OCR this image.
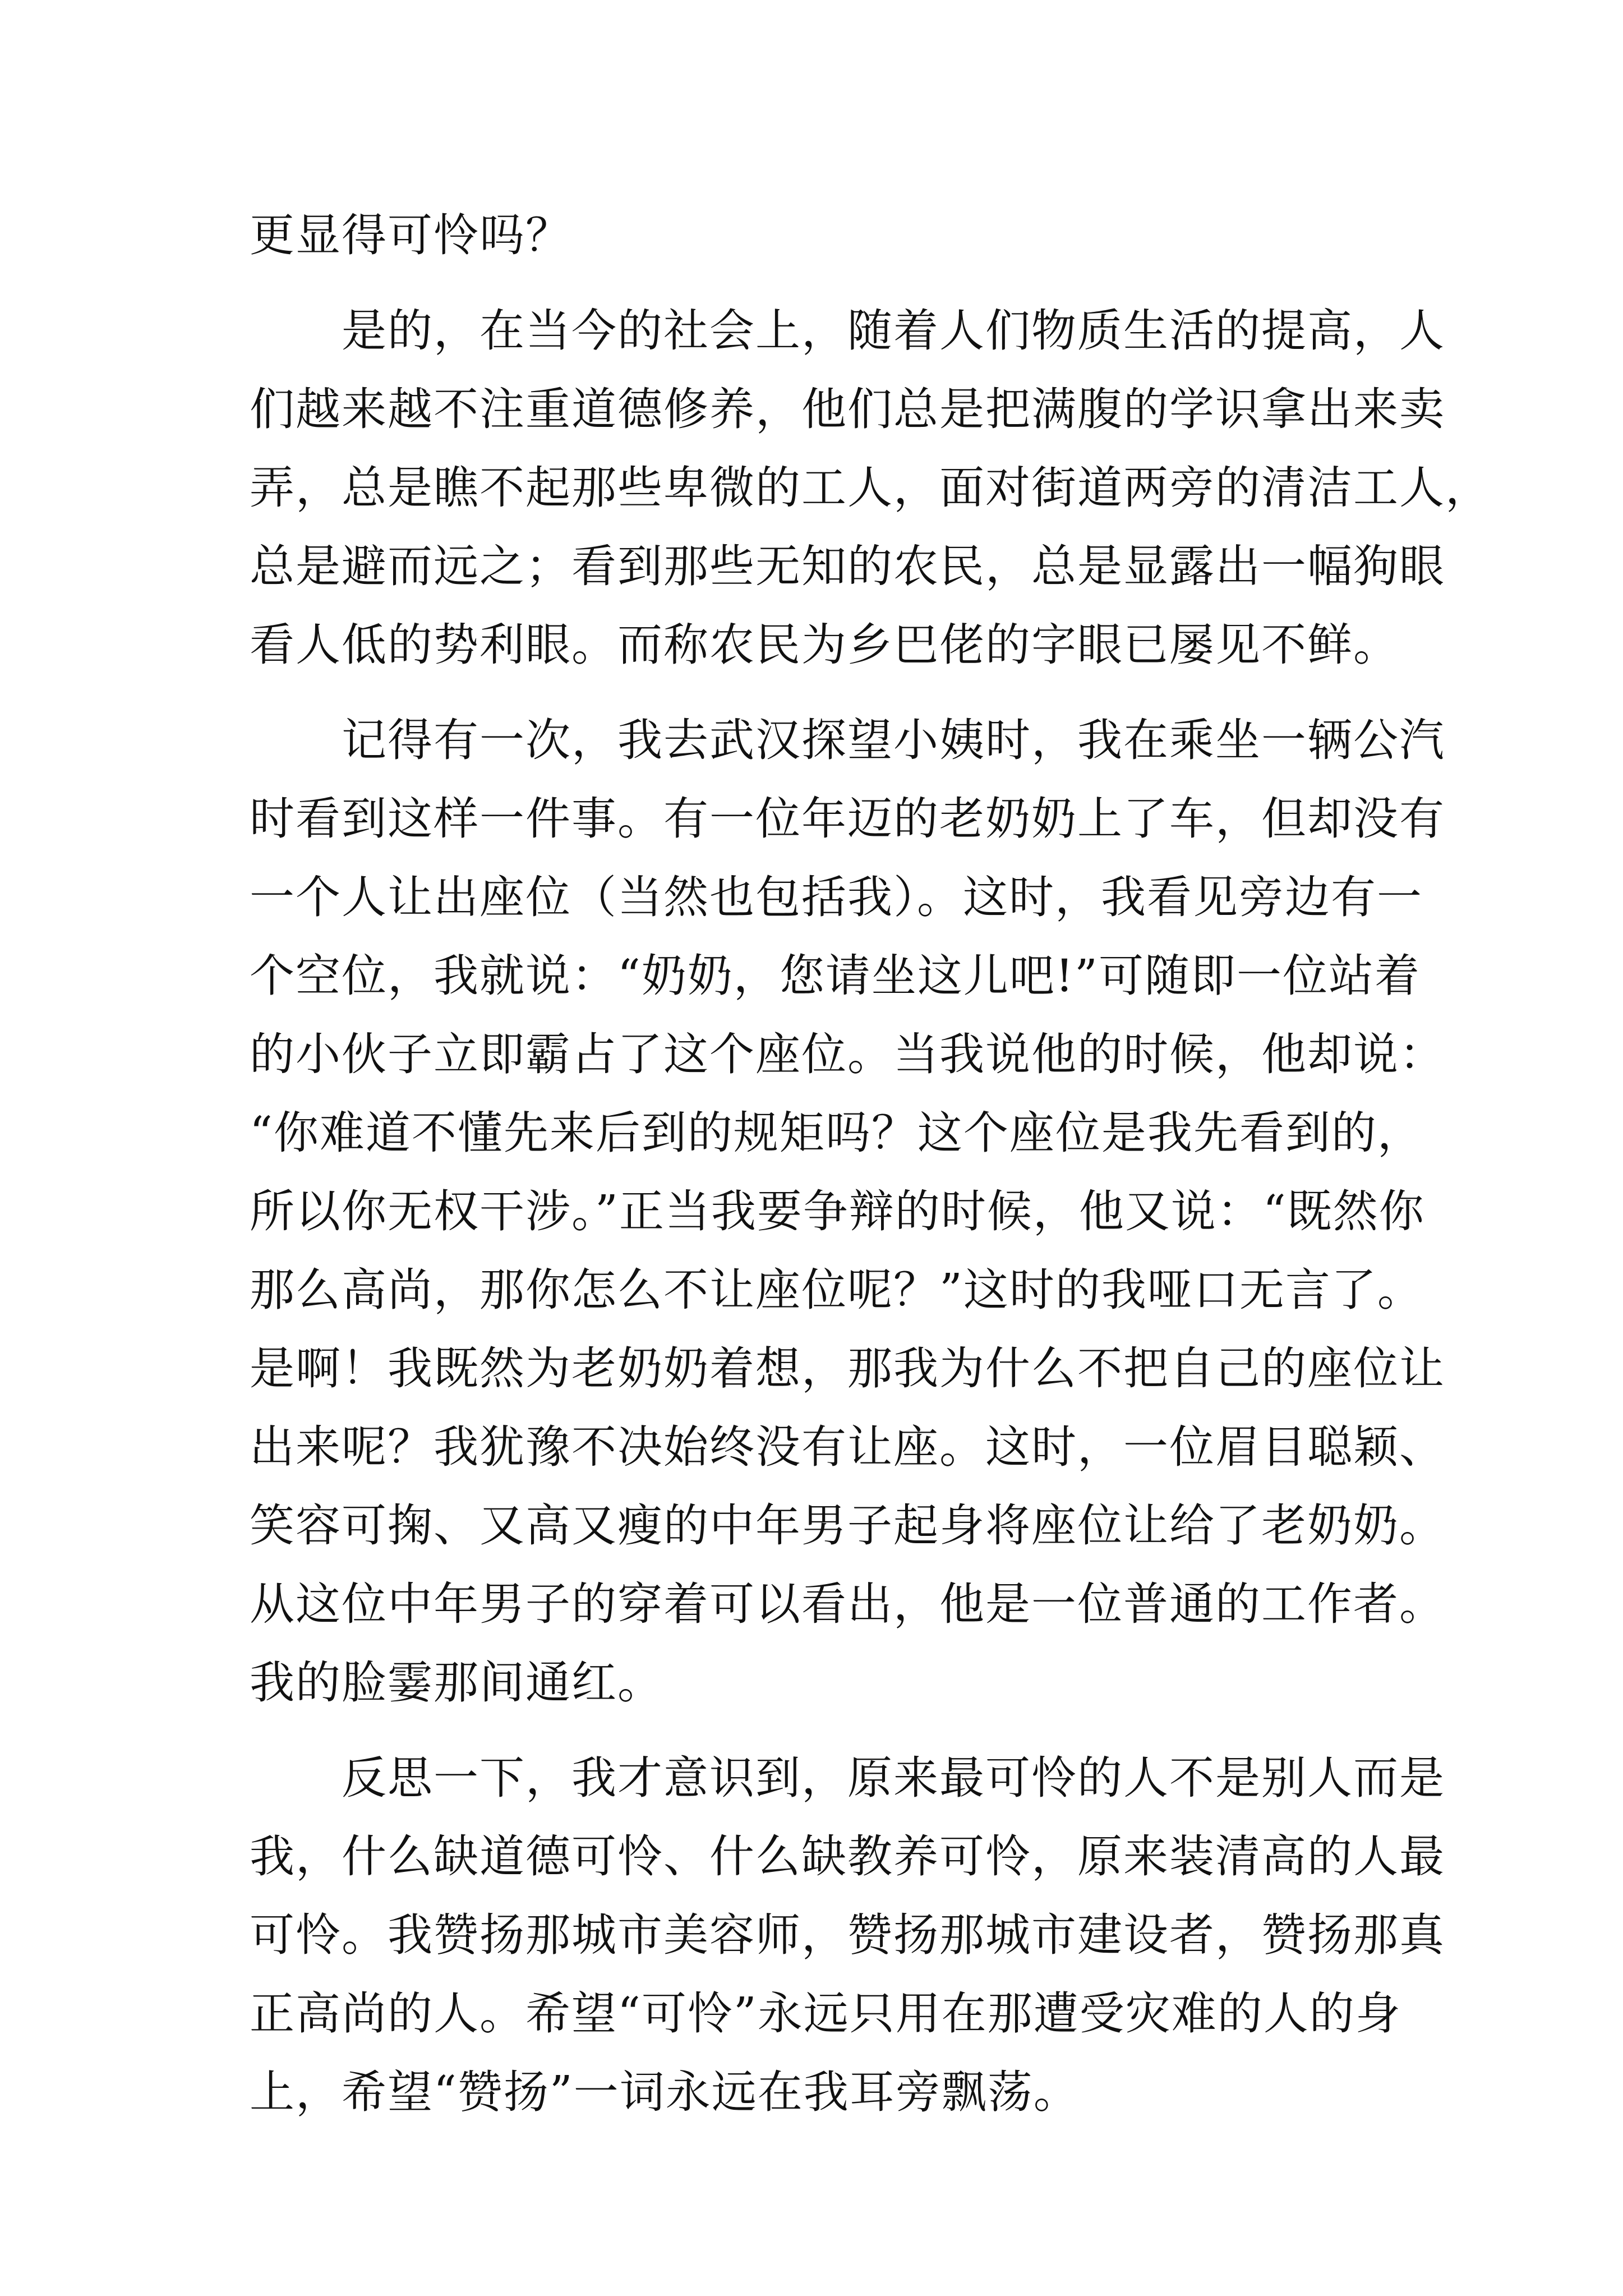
更显得可怜吗？
　　是的，在当今的社会上，随着人们物质生活的提高，人
们越来越不注重道德修养，他们总是把满腹的学识拿出来卖
弄，总是瞧不起那些卑微的工人，面对街道两旁的清洁工人，
总是避而远之；看到那些无知的农民，总是显露出一幅狗眼
看人低的势利眼。而称农民为乡巴佬的字眼已屡见不鲜。
　　记得有一次，我去武汉探望小姨时，我在乘坐一辆公汽
时看到这样一件事。有一位年迈的老奶奶上了车，但却没有
一个人让出座位（当然也包括我）。这时，我看见旁边有一
个空位，我就说：“奶奶，您请坐这儿吧!”可随即一位站着
的小伙子立即霸占了这个座位。当我说他的时候，他却说：
“你难道不懂先来后到的规矩吗？这个座位是我先看到的，
所以你无权干涉。”正当我要争辩的时候，他又说：“既然你
那么高尚，那你怎么不让座位呢？”这时的我哑口无言了。
是啊！我既然为老奶奶着想，那我为什么不把自己的座位让
出来呢？我犹豫不决始终没有让座。这时，一位眉目聪颖、
笑容可掬、又高又瘦的中年男子起身将座位让给了老奶奶。
从这位中年男子的穿着可以看出，他是一位普通的工作者。
我的脸霎那间通红。
　　反思一下，我才意识到，原来最可怜的人不是别人而是
我，什么缺道德可怜、什么缺教养可怜，原来装清高的人最
可怜。我赞扬那城市美容师，赞扬那城市建设者，赞扬那真
正高尚的人。希望“可怜”永远只用在那遭受灾难的人的身
上，希望“赞扬”一词永远在我耳旁飘荡。
